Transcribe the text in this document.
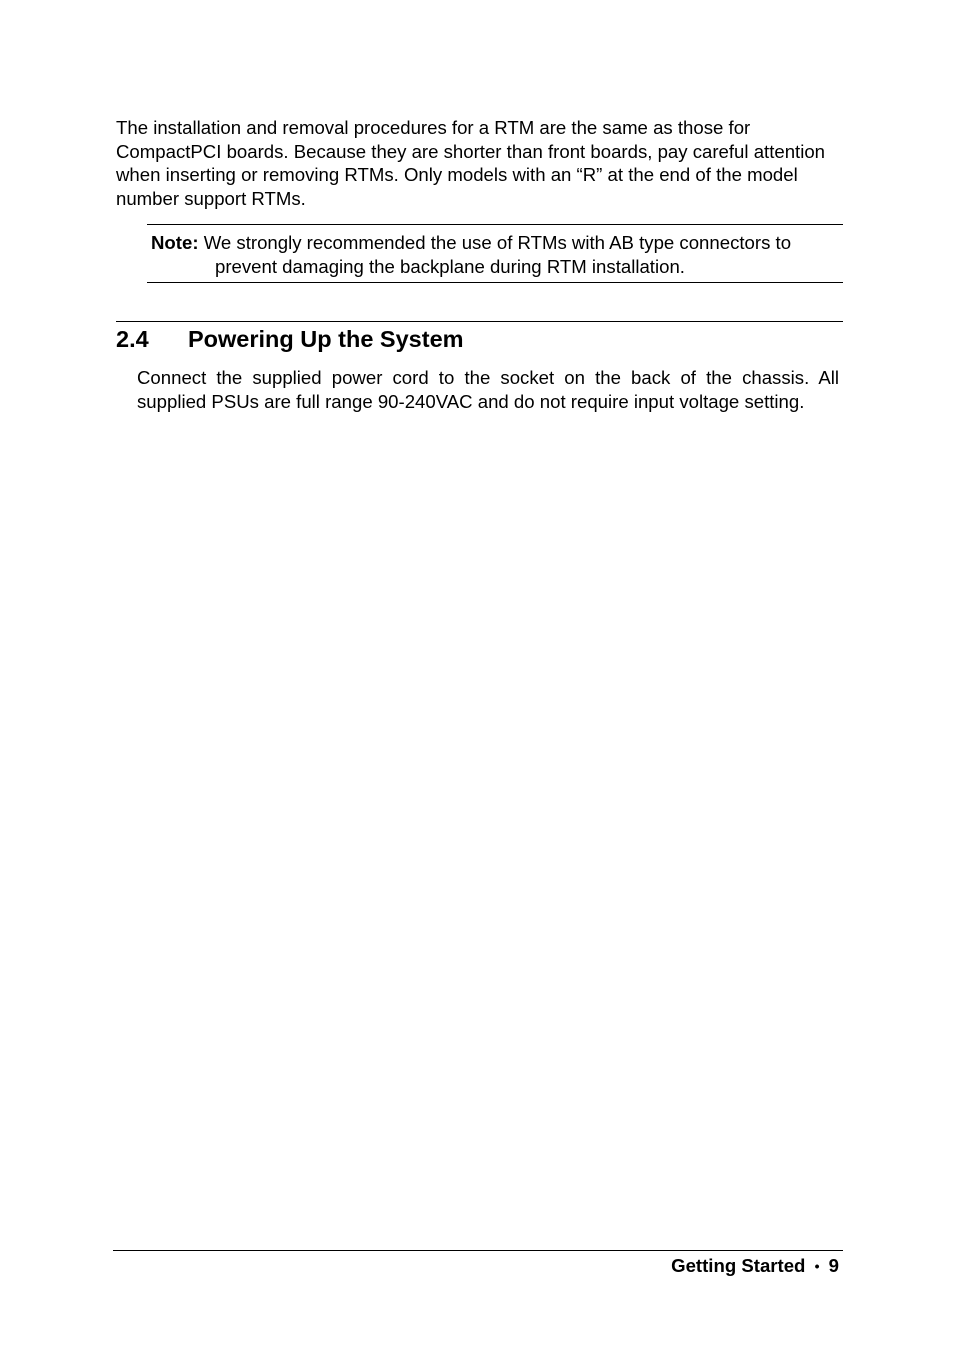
The installation and removal procedures for a RTM are the same as those for CompactPCI boards. Because they are shorter than front boards, pay careful attention when inserting or removing RTMs. Only models with an “R” at the end of the model number support RTMs.

Note: We strongly recommended the use of RTMs with AB type connectors to prevent damaging the backplane during RTM installation.

2.4 Powering Up the System

Connect the supplied power cord to the socket on the back of the chassis. All supplied PSUs are full range 90-240VAC and do not require input voltage setting.

Getting Started • 9
